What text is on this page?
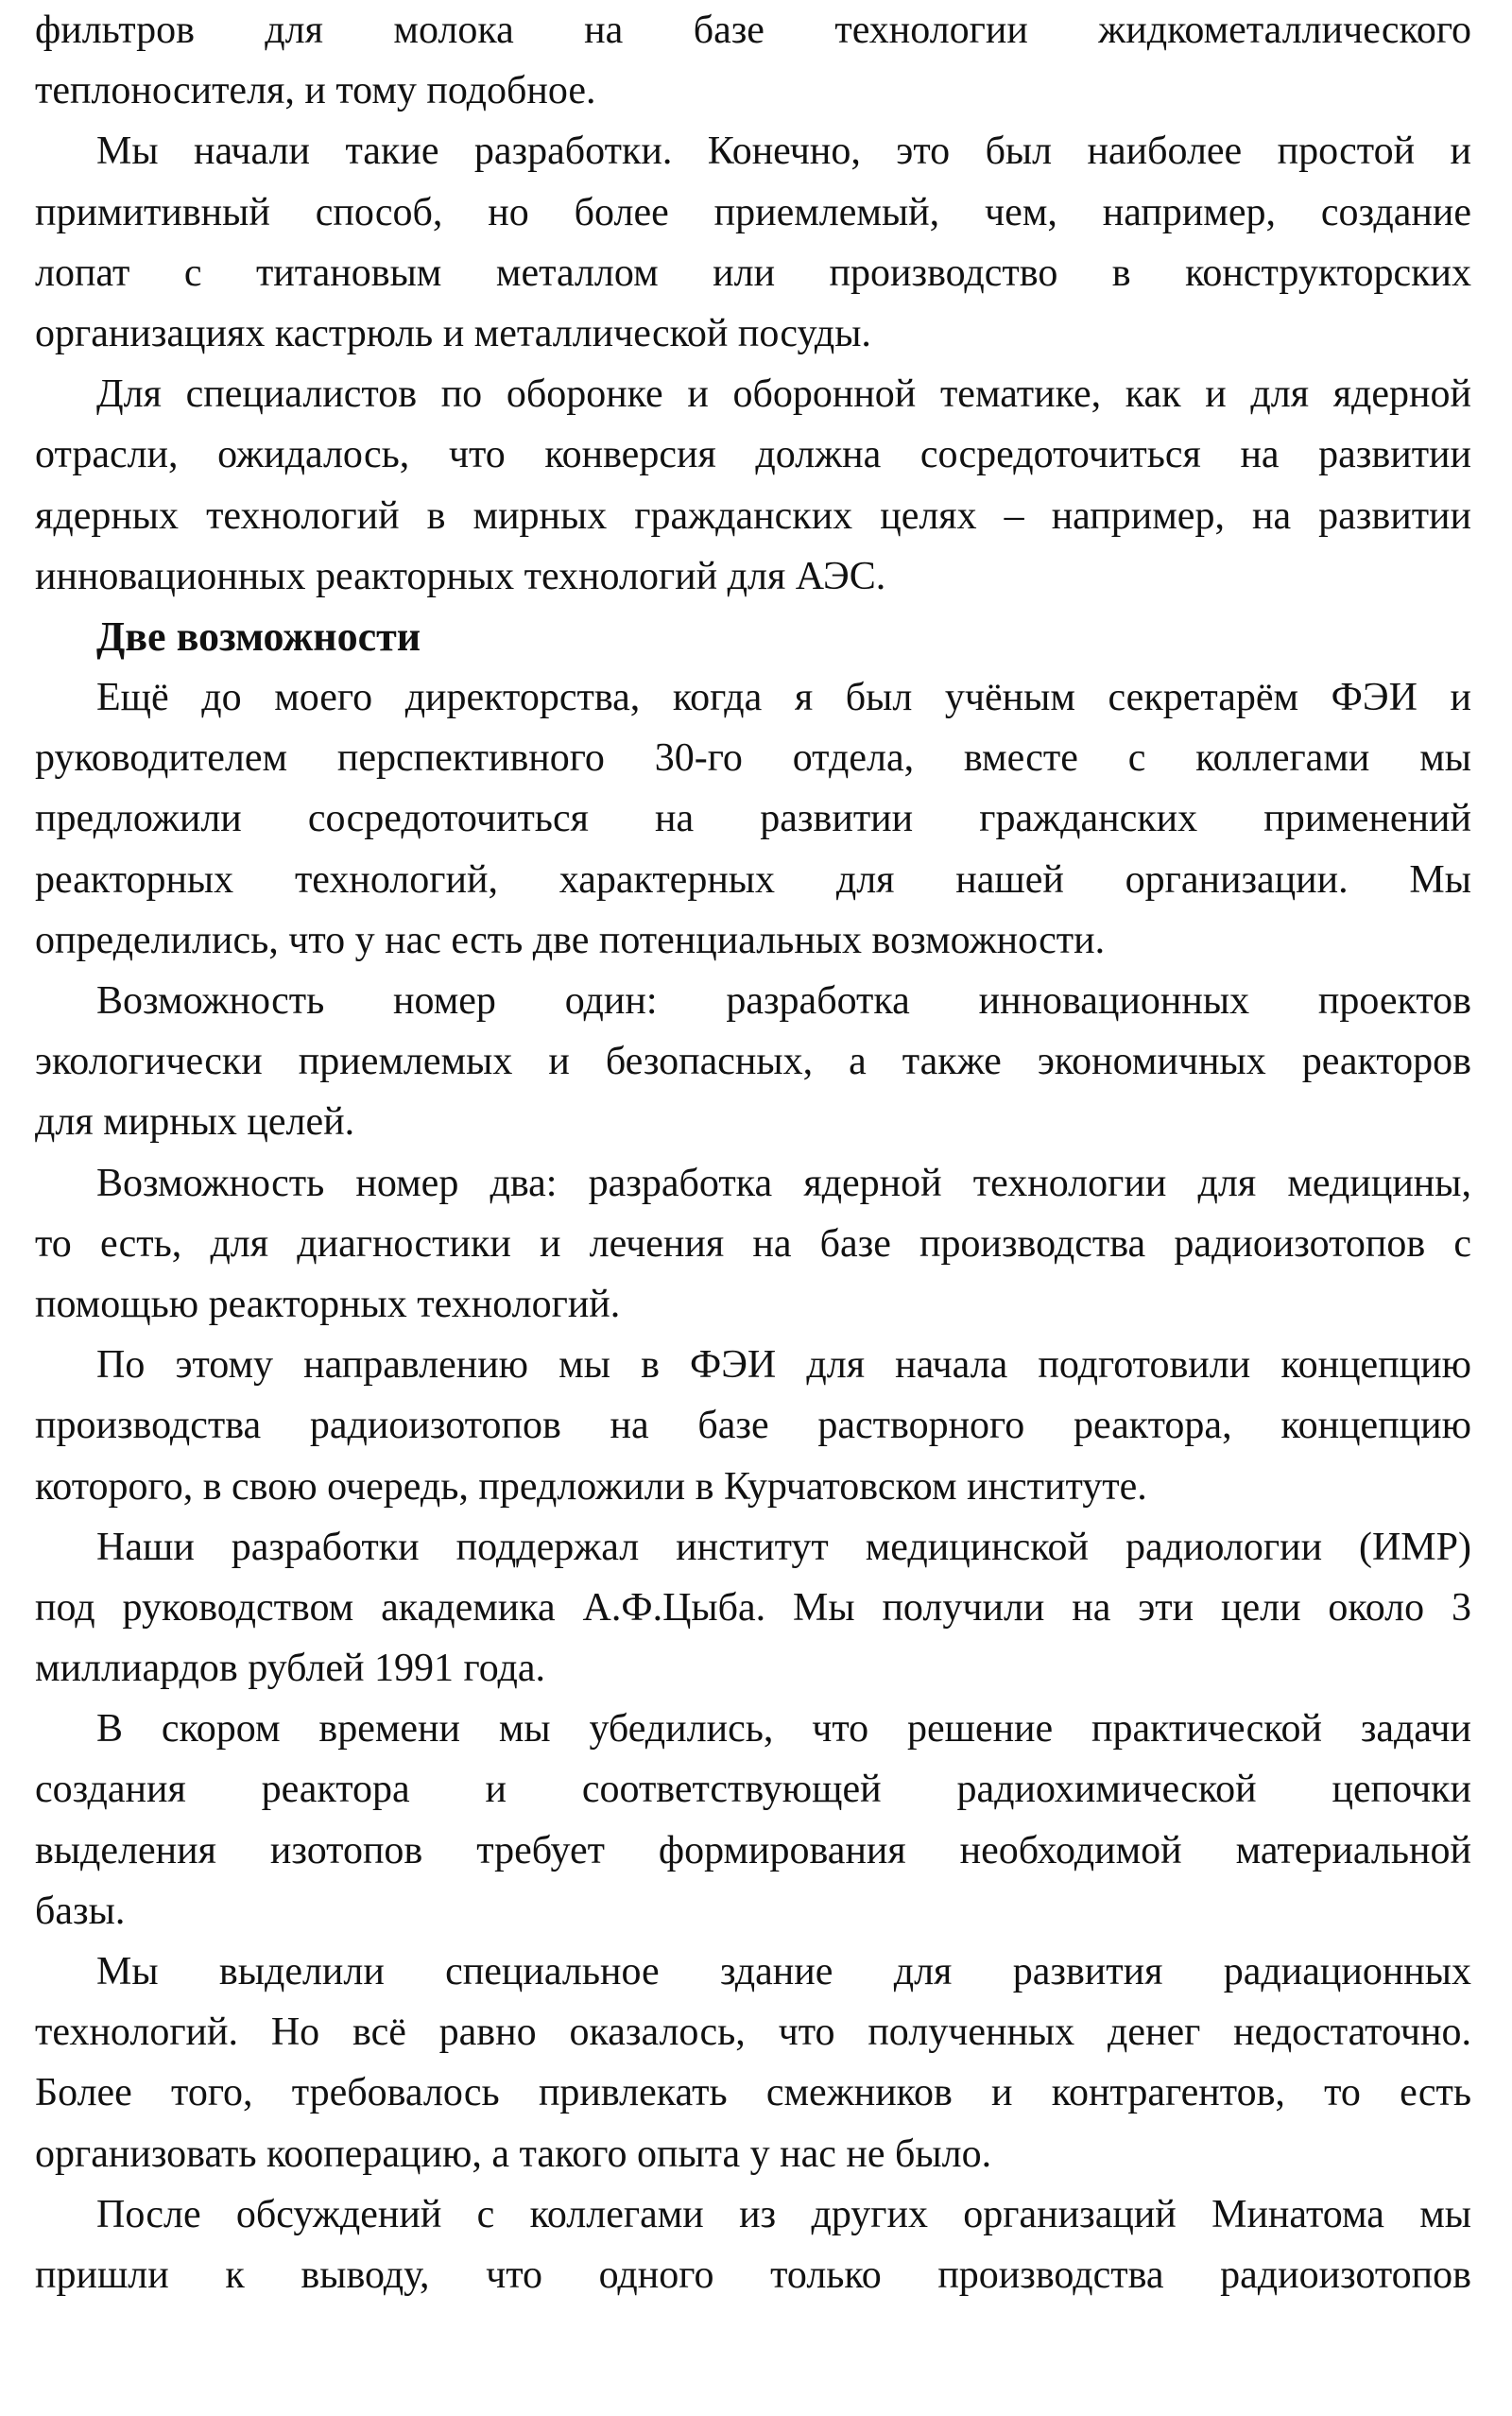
фильтров для молока на базе технологии жидкометаллического
теплоносителя, и тому подобное.
Мы начали такие разработки. Конечно, это был наиболее простой и
примитивный способ, но более приемлемый, чем, например, создание
лопат с титановым металлом или производство в конструкторских
организациях кастрюль и металлической посуды.
Для специалистов по оборонке и оборонной тематике, как и для ядерной
отрасли, ожидалось, что конверсия должна сосредоточиться на развитии
ядерных технологий в мирных гражданских целях – например, на развитии
инновационных реакторных технологий для АЭС.
Две возможности
Ещё до моего директорства, когда я был учёным секретарём ФЭИ и
руководителем перспективного 30-го отдела, вместе с коллегами мы
предложили сосредоточиться на развитии гражданских применений
реакторных технологий, характерных для нашей организации. Мы
определились, что у нас есть две потенциальных возможности.
Возможность номер один: разработка инновационных проектов
экологически приемлемых и безопасных, а также экономичных реакторов
для мирных целей.
Возможность номер два: разработка ядерной технологии для медицины,
то есть, для диагностики и лечения на базе производства радиоизотопов с
помощью реакторных технологий.
По этому направлению мы в ФЭИ для начала подготовили концепцию
производства радиоизотопов на базе растворного реактора, концепцию
которого, в свою очередь, предложили в Курчатовском институте.
Наши разработки поддержал институт медицинской радиологии (ИМР)
под руководством академика А.Ф.Цыба. Мы получили на эти цели около 3
миллиардов рублей 1991 года.
В скором времени мы убедились, что решение практической задачи
создания реактора и соответствующей радиохимической цепочки
выделения изотопов требует формирования необходимой материальной
базы.
Мы выделили специальное здание для развития радиационных
технологий. Но всё равно оказалось, что полученных денег недостаточно.
Более того, требовалось привлекать смежников и контрагентов, то есть
организовать кооперацию, а такого опыта у нас не было.
После обсуждений с коллегами из других организаций Минатома мы
пришли к выводу, что одного только производства радиоизотопов
